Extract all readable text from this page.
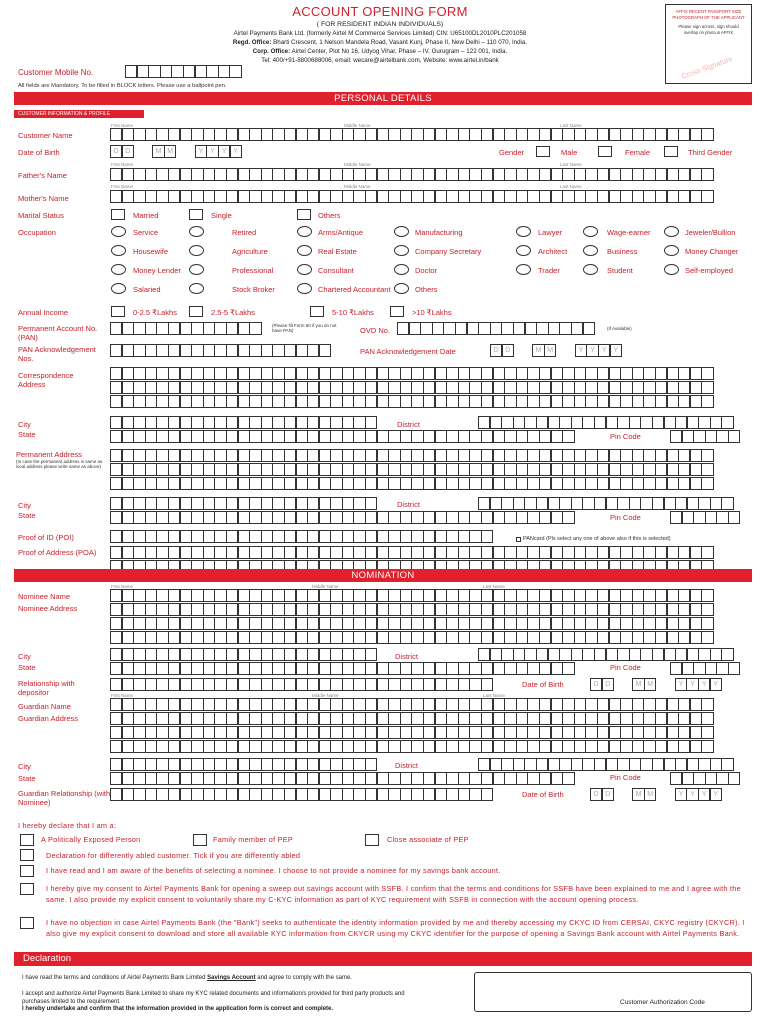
ACCOUNT OPENING FORM
( FOR RESIDENT INDIAN INDIVIDUALS)
Airtel Payments Bank Ltd. (formerly Airtel M Commerce Services Limited) CIN: U65100DL2010PLC201058
Regd. Office: Bharti Crescent, 1 Nelson Mandela Road, Vasant Kunj, Phase II, New Delhi – 110 070, India.
Corp. Office: Airtel Center, Plot No 16, Udyog Vihar, Phase – IV, Gurugram – 122 001, India.
Tel: 400/+91-8800688006, email: wecare@airtelbank.com, Website: www.airtel.in/bank
AFFIX RECENT PASSPORT SIZE PHOTOGRAPH OF THE APPLICANT
Please sign across, sign should overlap on photo & AFFIX
Cross Signature
Customer Mobile No.
All fields are Mandatory. To be filled in BLOCK letters. Please use a ballpoint pen.
PERSONAL DETAILS
CUSTOMER INFORMATION & PROFILE
First Name	Middle Name	Last Name
Customer Name
Date of Birth	D D	M M	Y Y Y Y	Gender	Male	Female	Third Gender
First Name	Middle Name	Last Name
Father's Name
First Name	Middle Name	Last Name
Mother's Name
Marital Status	Married	Single	Others
Occupation	Service	Retired	Arms/Antique	Manufacturing	Lawyer	Wage-earner	Jeweler/Bullion
Housewife	Agriculture	Real Estate	Company Secretary	Architect	Business	Money Changer
Money Lender	Professional	Consultant	Doctor	Trader	Student	Self-employed
Salaried	Stock Broker	Chartered Accountant	Others
Annual Income	0-2.5 ₹Lakhs	2.5-5 ₹Lakhs	5-10 ₹Lakhs	>10 ₹Lakhs
Permanent Account No. (PAN)
(Please fill Form 60 if you do not have PAN)	OVD No.	(If Available)
PAN Acknowledgement Nos.
PAN Acknowledgement Date	D D	M M	Y Y Y Y
Correspondence Address
City	District
State	Pin Code
Permanent Address
(In case the permanent address is same as local address please write same as above)
City	District
State	Pin Code
Proof of ID (POI)	PANcard (Pls select any one of above also if this is selected)
Proof of Address (POA)
NOMINATION
First Name	Middle Name	Last Name
Nominee Name
Nominee Address
City	District
State	Pin Code
Relationship with depositor
Date of Birth	D D	M M	Y Y Y Y
First Name	Middle Name	Last Name
Guardian Name
Guardian Address
City	District
State	Pin Code
Guardian Relationship (with Nominee)
Date of Birth	D D	M M	Y Y Y Y
I hereby declare that I am a:
A Politically Exposed Person	Family member of PEP	Close associate of PEP
Declaration for differently abled customer. Tick if you are differently abled
I have read and I am aware of the benefits of selecting a nominee. I choose to not provide a nominee for my savings bank account.
I hereby give my consent to Airtel Payments Bank for opening a sweep out savings account with SSFB. I confirm that the terms and conditions for SSFB have been explained to me and I agree with the same. I also provide my explicit consent to voluntarily share my C-KYC information as part of KYC requirement with SSFB in connection with the account opening process.
I have no objection in case Airtel Payments Bank (the "Bank") seeks to authenticate the identity information provided by me and thereby accessing my CKYC ID from CERSAI, CKYC registry (CKYCR). I also give my explicit consent to download and store all available KYC information from CKYCR using my CKYC identifier for the purpose of opening a Savings Bank account with Airtel Payments Bank.
Declaration
I have read the terms and conditions of Airtel Payments Bank Limited Savings Account and agree to comply with the same.
I accept and authorize Airtel Payments Bank Limited to share my KYC related documents and information/s provided for third party products and purchases limited to the requirement.
I hereby undertake and confirm that the information provided in the application form is correct and complete.
Customer Authorization Code
